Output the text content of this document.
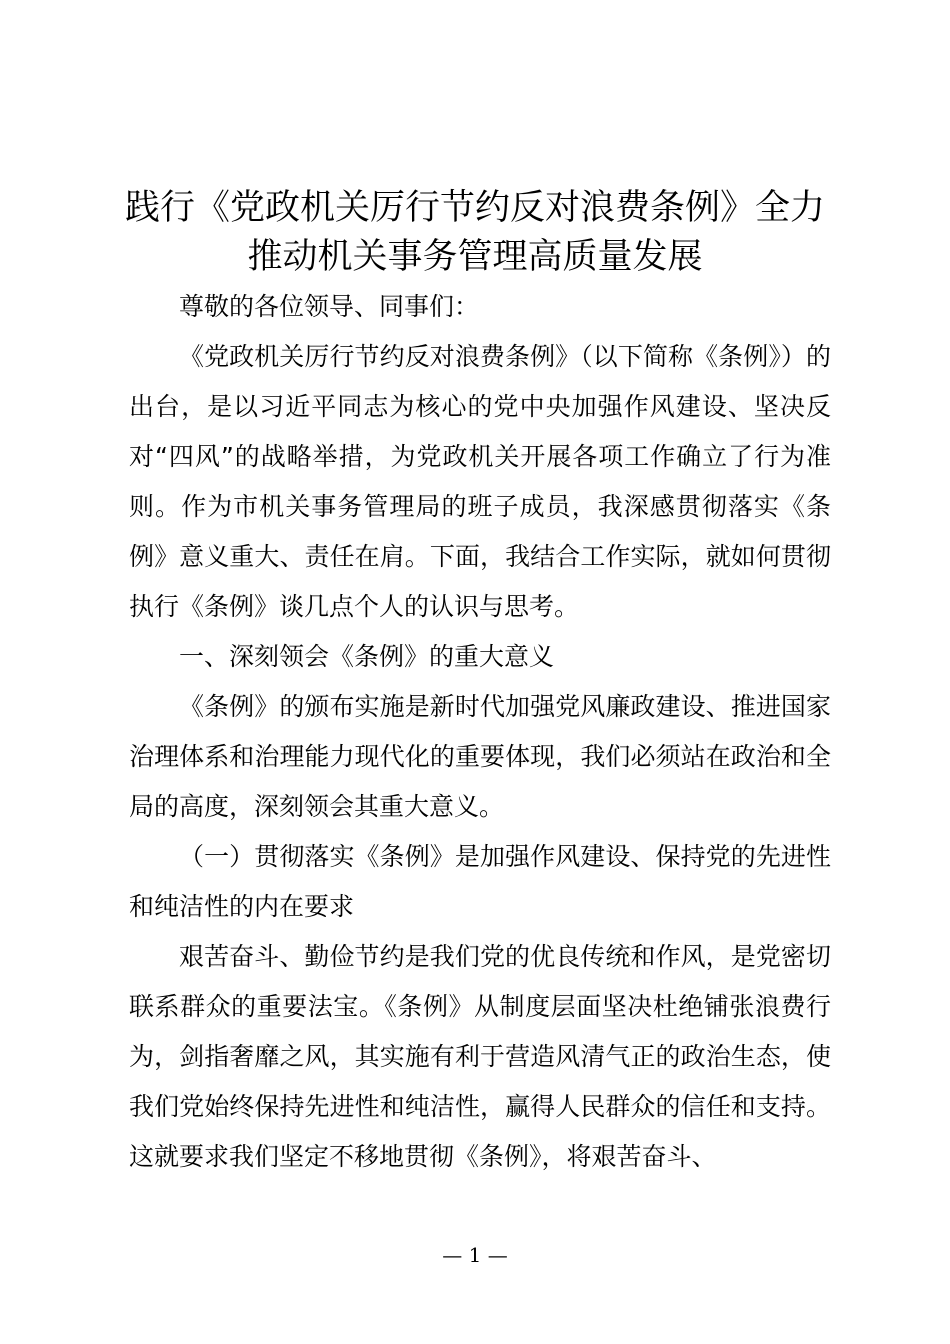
践行《党政机关厉行节约反对浪费条例》全力
推动机关事务管理高质量发展

尊敬的各位领导、同事们：

《党政机关厉行节约反对浪费条例》（以下简称《条例》）的出台，是以习近平同志为核心的党中央加强作风建设、坚决反对“四风”的战略举措，为党政机关开展各项工作确立了行为准则。作为市机关事务管理局的班子成员，我深感贯彻落实《条例》意义重大、责任在肩。下面，我结合工作实际，就如何贯彻执行《条例》谈几点个人的认识与思考。

一、深刻领会《条例》的重大意义

《条例》的颁布实施是新时代加强党风廉政建设、推进国家治理体系和治理能力现代化的重要体现，我们必须站在政治和全局的高度，深刻领会其重大意义。

（一）贯彻落实《条例》是加强作风建设、保持党的先进性和纯洁性的内在要求

艰苦奋斗、勤俭节约是我们党的优良传统和作风，是党密切联系群众的重要法宝。《条例》从制度层面坚决杜绝铺张浪费行为，剑指奢靡之风，其实施有利于营造风清气正的政治生态，使我们党始终保持先进性和纯洁性，赢得人民群众的信任和支持。这就要求我们坚定不移地贯彻《条例》，将艰苦奋斗、

— 1 —
